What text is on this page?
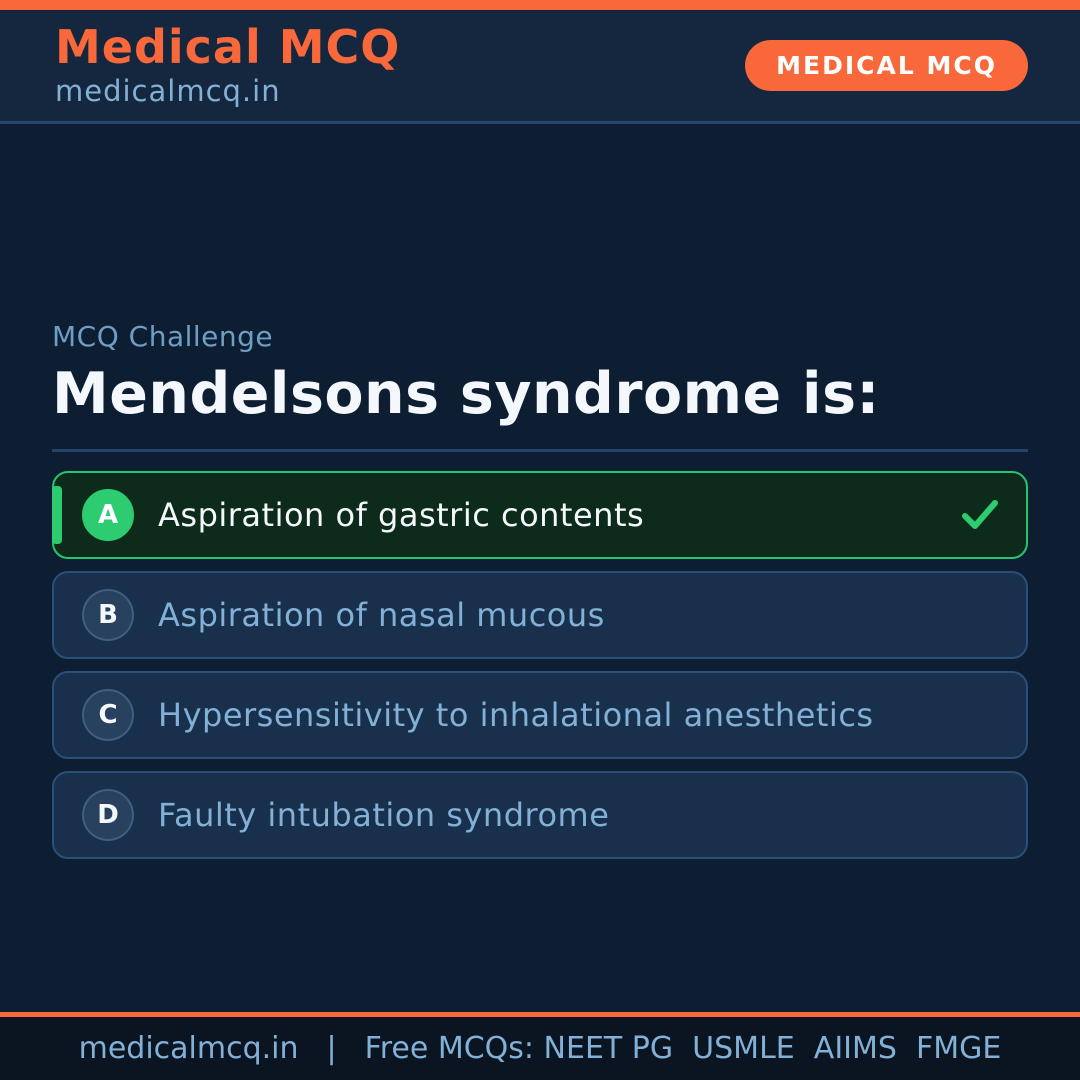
Medical MCQ
medicalmcq.in
MEDICAL MCQ
MCQ Challenge
Mendelsons syndrome is:
A	Aspiration of gastric contents
B	Aspiration of nasal mucous
C	Hypersensitivity to inhalational anesthetics
D	Faulty intubation syndrome
medicalmcq.in | Free MCQs: NEET PG  USMLE  AIIMS  FMGE
